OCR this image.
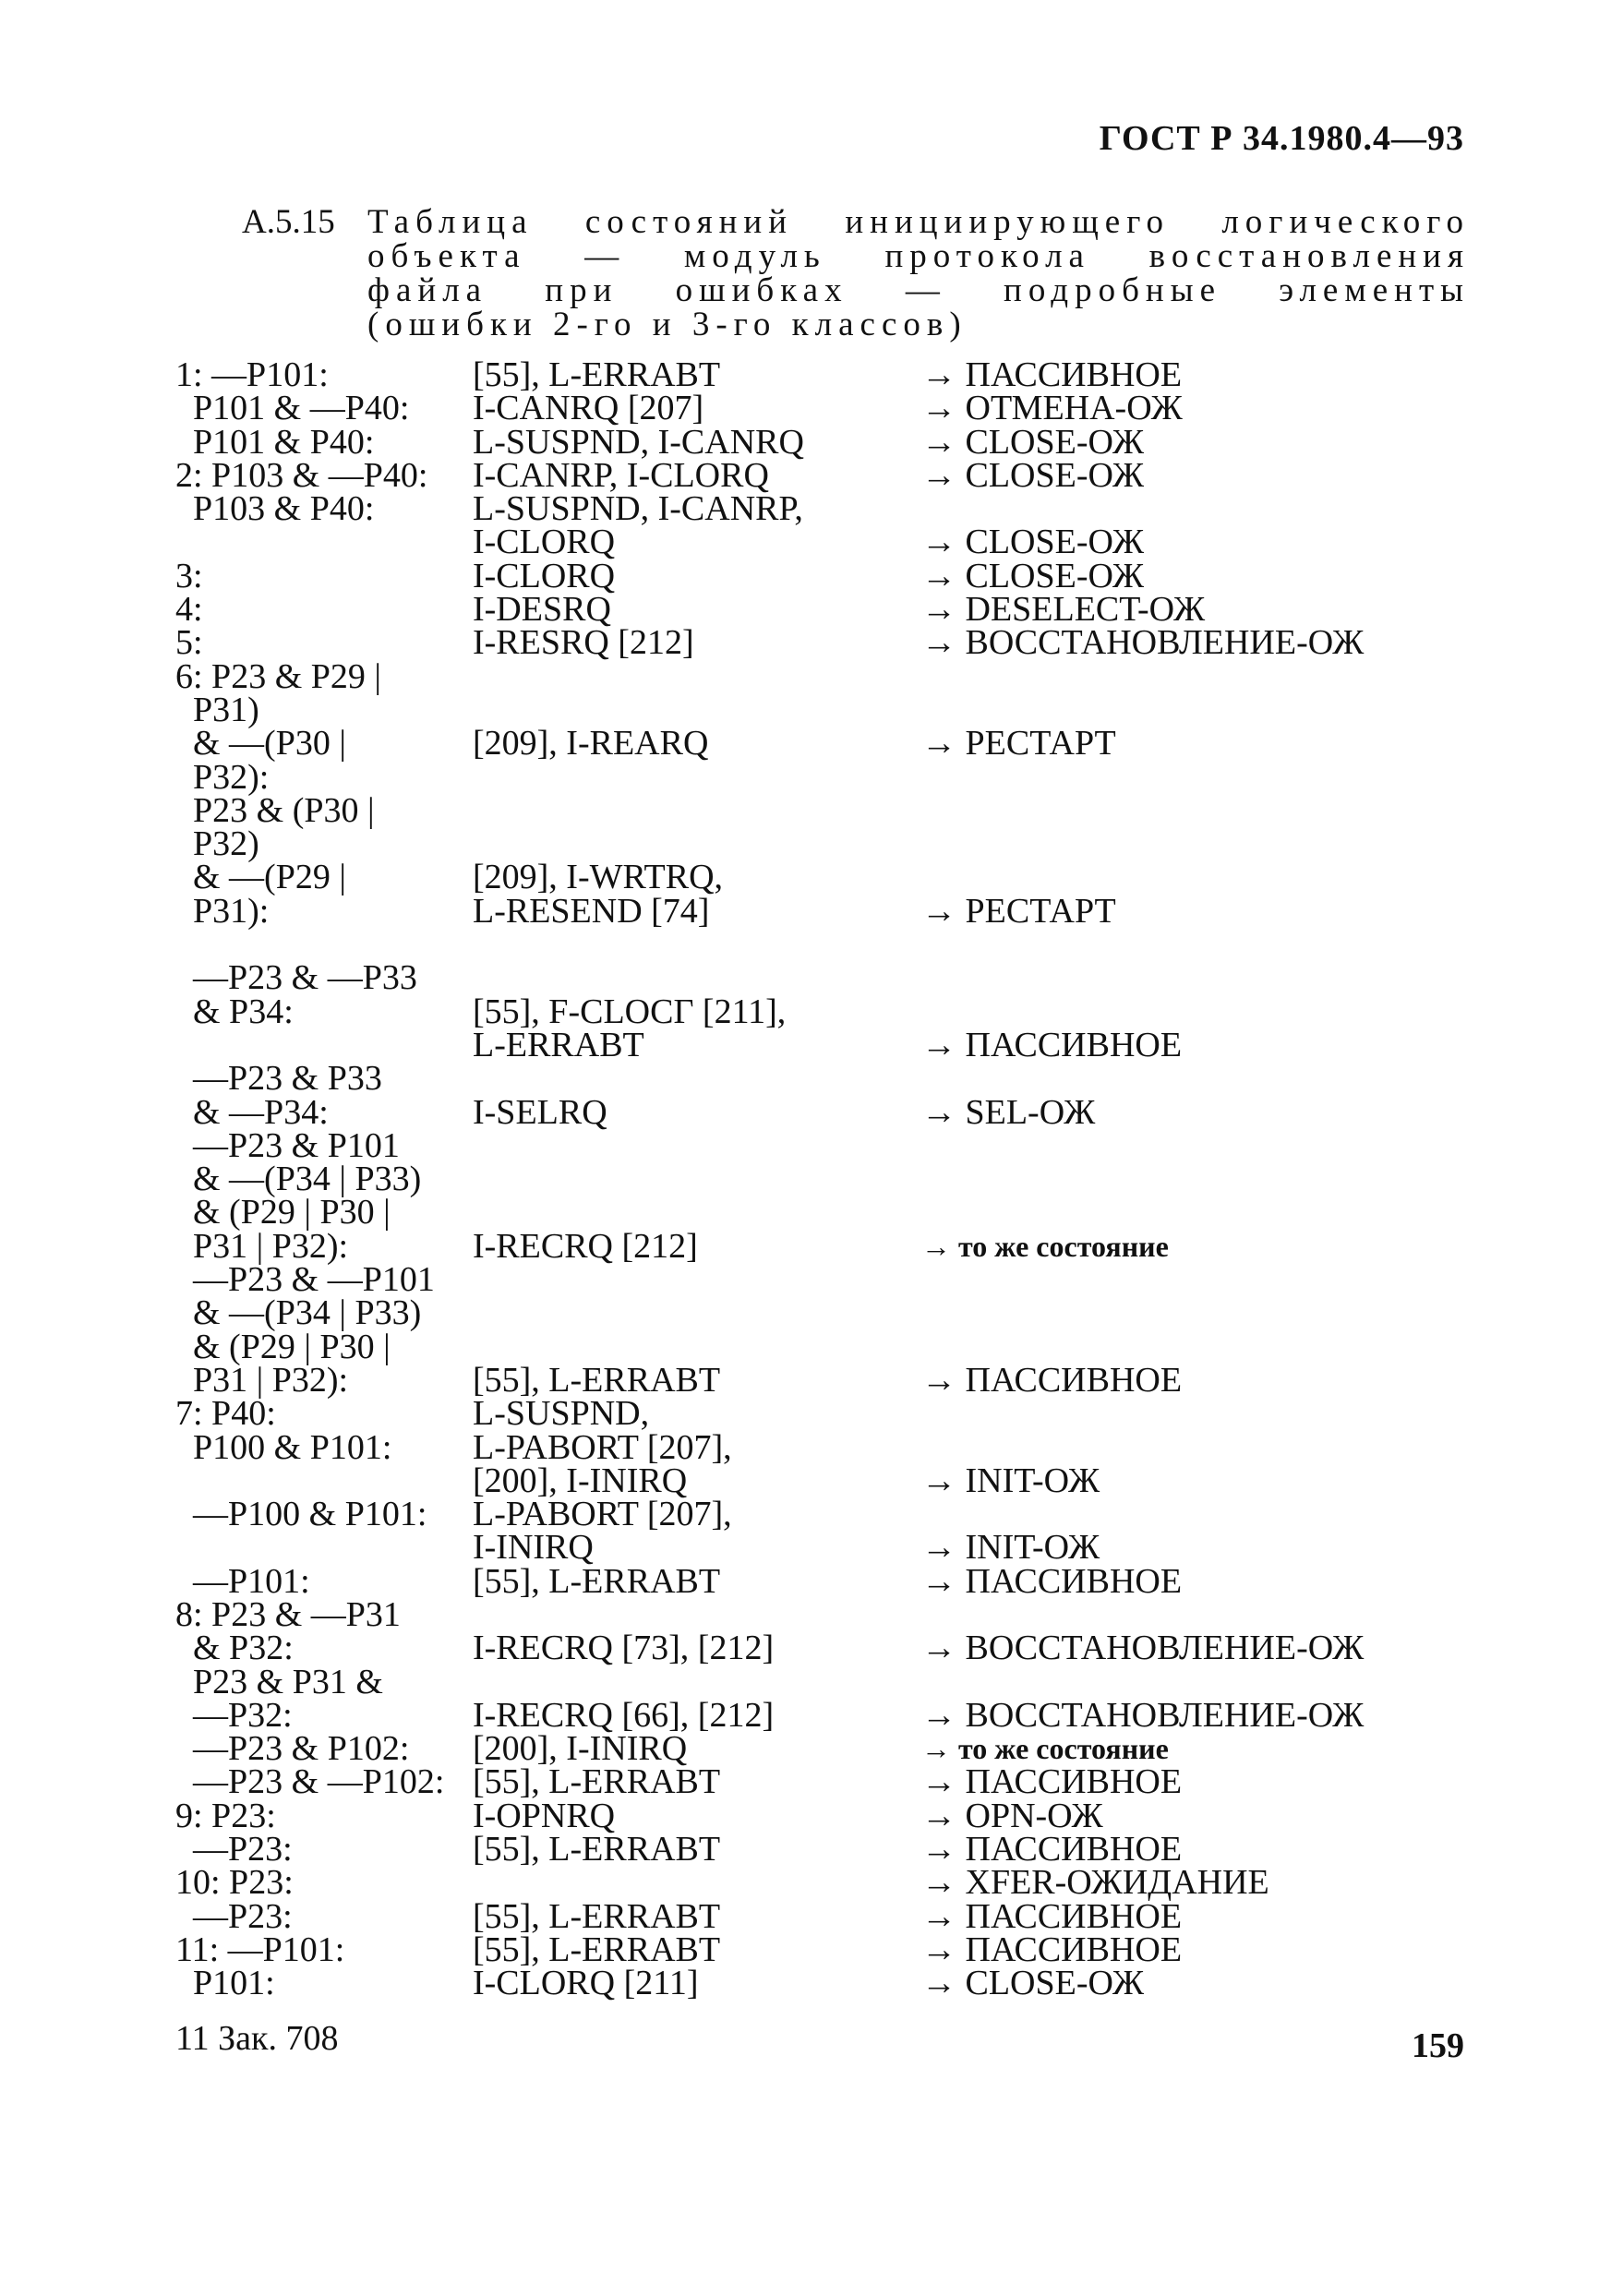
ГОСТ Р 34.1980.4—93
А.5.15 Таблица состояний инициирующего логического
объекта — модуль протокола восстановления
файла при ошибках — подробные элементы
(ошибки 2-го и 3-го классов)
1: —P101:	[55], L-ERRABT	→ ПАССИВНОЕ
P101 & —P40: I-CANRQ [207]	→ ОТМЕНА-ОЖ
P101 & P40:	L-SUSPND, I-CANRQ	→ CLOSE-ОЖ
2: P103 & —P40: I-CANRP, I-CLORQ	→ CLOSE-ОЖ
P103 & P40:	L-SUSPND, I-CANRP,
I-CLORQ	→ CLOSE-ОЖ
3:	I-CLORQ	→ CLOSE-ОЖ
4:	I-DESRQ	→ DESELECT-ОЖ
5:	I-RESRQ [212]	→ ВОССТАНОВЛЕНИЕ-ОЖ
6: P23 & P29 |
P31)
& —(P30 |	[209], I-REARQ	→ РЕСТАРТ
P32):
P23 & (P30 |
P32)
& —(P29 |	[209], I-WRTRQ,
P31):	L-RESEND [74]	→ РЕСТАРТ
—P23 & —P33
& P34:	[55], F-CLOCГ [211],
L-ERRABT	→ ПАССИВНОЕ
—P23 & P33
& —P34:	I-SELRQ	→ SEL-ОЖ
—P23 & P101
& —(P34 | P33)
& (P29 | P30 |
P31 | P32):	I-RECRQ [212]	→ то же состояние
—P23 & —P101
& —(P34 | P33)
& (P29 | P30 |
P31 | P32):	[55], L-ERRABT	→ ПАССИВНОЕ
7: P40:	L-SUSPND,
P100 & P101: L-PABORT [207],
[200], I-INIRQ	→ INIT-ОЖ
—P100 & P101: L-PABORT [207],
I-INIRQ	→ INIT-ОЖ
—P101:	[55], L-ERRABT	→ ПАССИВНОЕ
8: P23 & —P31
& P32:	I-RECRQ [73], [212]	→ ВОССТАНОВЛЕНИЕ-ОЖ
P23 & P31 &
—P32:	I-RECRQ [66], [212]	→ ВОССТАНОВЛЕНИЕ-ОЖ
—P23 & P102: [200], I-INIRQ	→ то же состояние
—P23 & —P102: [55], L-ERRABT	→ ПАССИВНОЕ
9: P23:	I-OPNRQ	→ OPN-ОЖ
—P23:	[55], L-ERRABT	→ ПАССИВНОЕ
10: P23:	→ XFER-ОЖИДАНИЕ
—P23:	[55], L-ERRABT	→ ПАССИВНОЕ
11: —P101:	[55], L-ERRABT	→ ПАССИВНОЕ
P101:	I-CLORQ [211]	→ CLOSE-ОЖ
11 Зак. 708	159
